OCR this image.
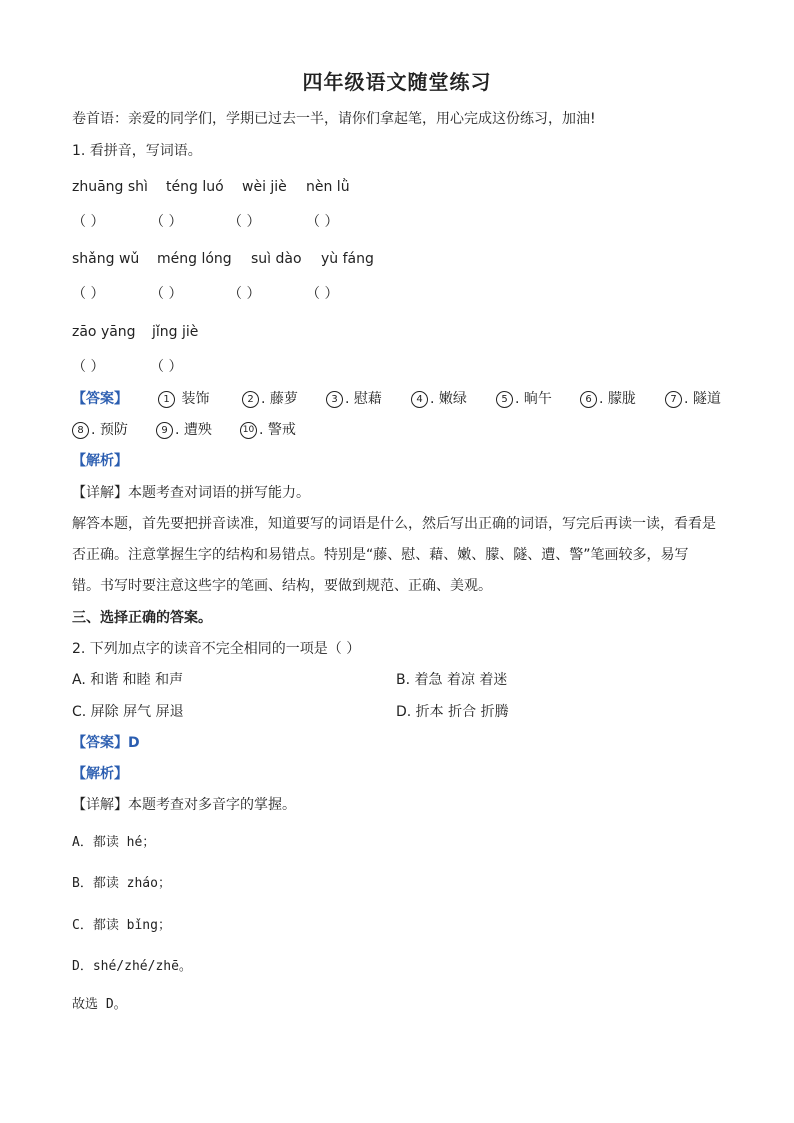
四年级语文随堂练习
卷首语：亲爱的同学们，学期已过去一半，请你们拿起笔，用心完成这份练习，加油!
1. 看拼音，写词语。
zhuāng shì téng luó wèi jiè nèn lǜ
（ ）	（ ）	（ ）	（ ）
shǎng wǔ méng lóng suì dào yù fáng
（ ）	（ ）	（ ）	（ ）
zāo yāng jǐng jiè
（ ）	（ ）
【答案】	1 装饰	2 . 藤萝	3 . 慰藉	4 . 嫩绿	5 . 晌午	6 . 朦胧	7 . 隧道
8 . 预防	9 . 遭殃	10 . 警戒
【解析】
【详解】本题考查对词语的拼写能力。
解答本题，首先要把拼音读准，知道要写的词语是什么，然后写出正确的词语，写完后再读一读，看看是
否正确。注意掌握生字的结构和易错点。特别是“藤、慰、藉、嫩、朦、隧、遭、警”笔画较多，易写
错。书写时要注意这些字的笔画、结构，要做到规范、正确、美观。
三、选择正确的答案。
2. 下列加点字的读音不完全相同的一项是（ ）
A. 和谐 和睦 和声	B. 着急 着凉 着迷
C. 屏除 屏气 屏退	D. 折本 折合 折腾
【答案】D
【解析】
【详解】本题考查对多音字的掌握。
A．都读 hé；
B．都读 zháo；
C．都读 bǐng；
D．shé/zhé/zhē。
故选 D。
